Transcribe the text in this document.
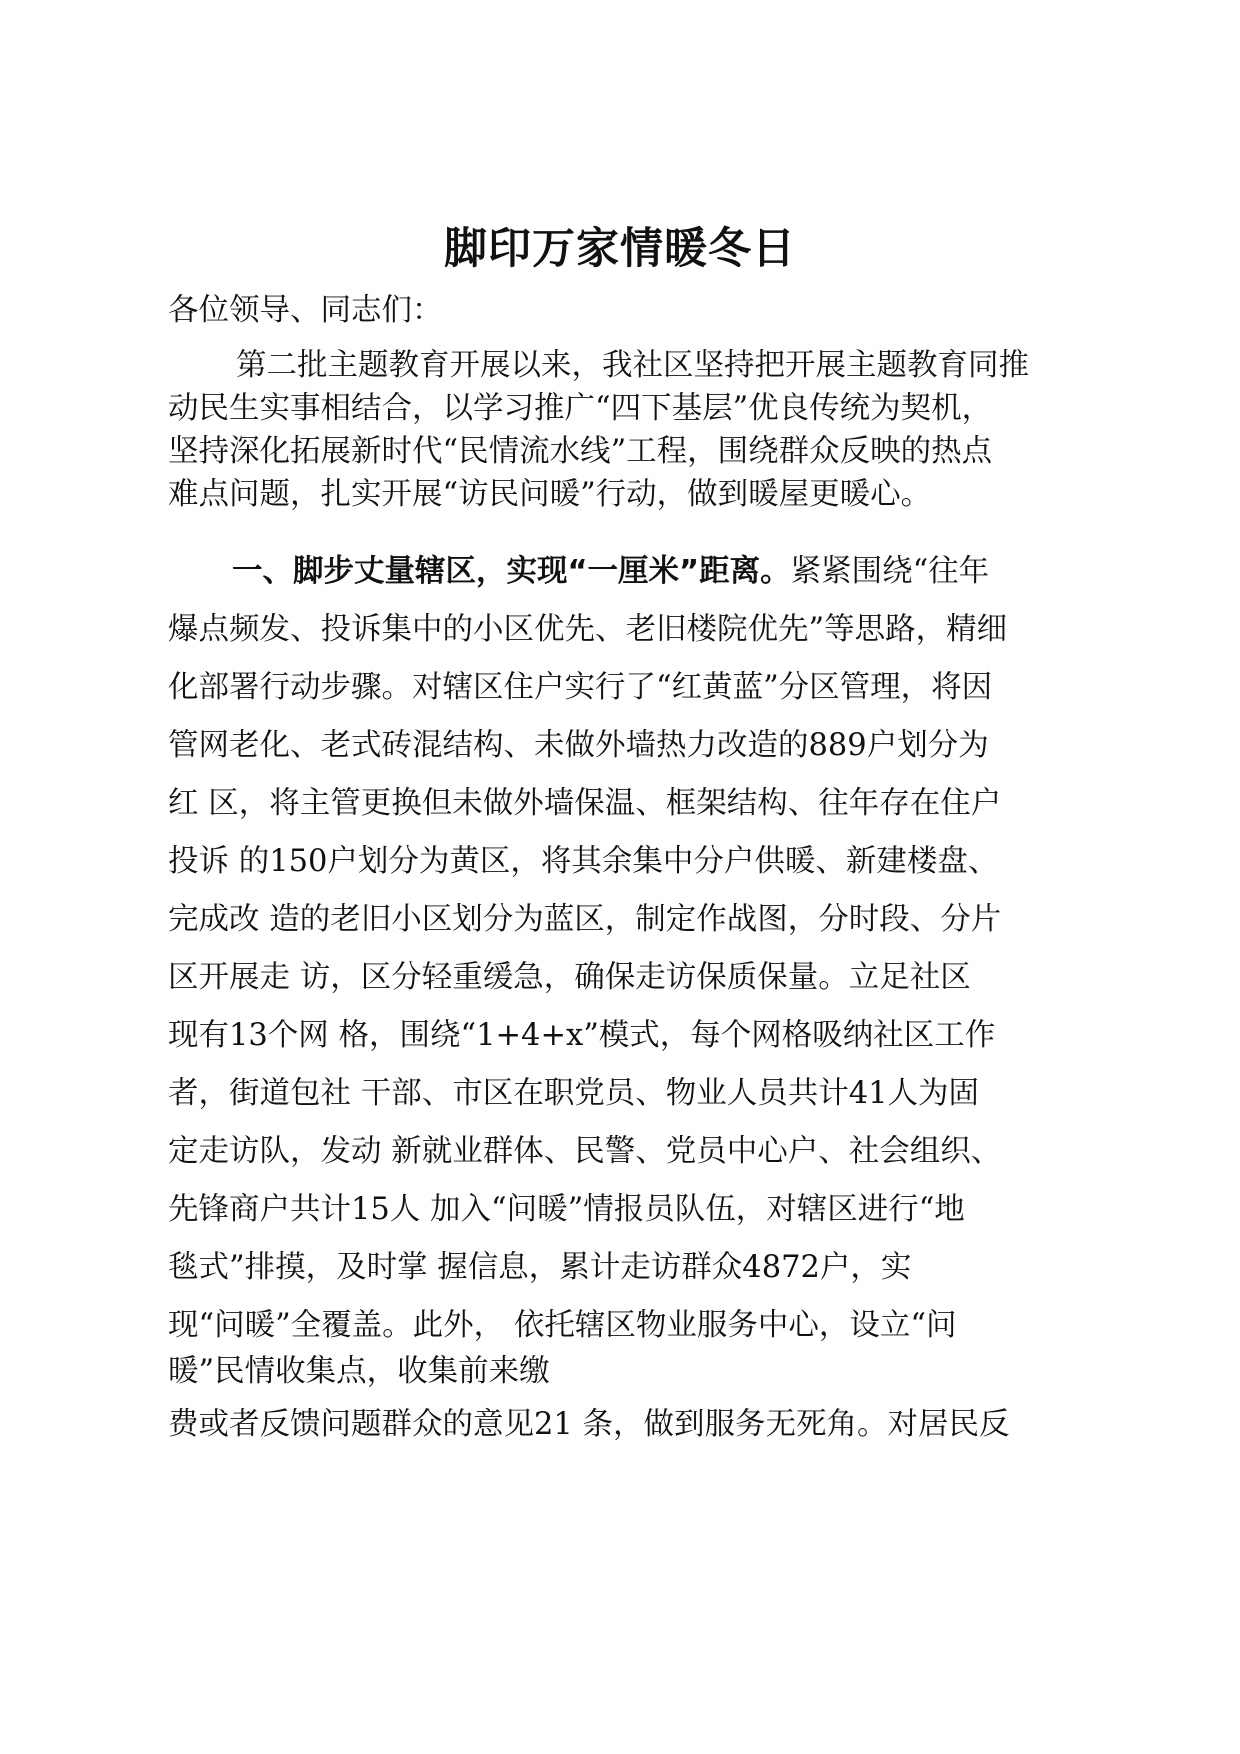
脚印万家情暖冬日

各位领导、同志们：

第二批主题教育开展以来，我社区坚持把开展主题教育同推

动民生实事相结合，以学习推广“四下基层”优良传统为契机，

坚持深化拓展新时代“民情流水线”工程，围绕群众反映的热点

难点问题，扎实开展“访民问暖”行动，做到暖屋更暖心。

一、脚步丈量辖区，实现“一厘米”距离。紧紧围绕“往年

爆点频发、投诉集中的小区优先、老旧楼院优先”等思路，精细

化部署行动步骤。对辖区住户实行了“红黄蓝”分区管理，将因

管网老化、老式砖混结构、未做外墙热力改造的889户划分为

红 区，将主管更换但未做外墙保温、框架结构、往年存在住户

投诉 的150户划分为黄区，将其余集中分户供暖、新建楼盘、

完成改 造的老旧小区划分为蓝区，制定作战图，分时段、分片

区开展走 访，区分轻重缓急，确保走访保质保量。立足社区

现有13个网 格，围绕“1+4+x”模式，每个网格吸纳社区工作

者，街道包社 干部、市区在职党员、物业人员共计41人为固

定走访队，发动 新就业群体、民警、党员中心户、社会组织、

先锋商户共计15人 加入“问暖”情报员队伍，对辖区进行“地

毯式”排摸，及时掌 握信息，累计走访群众4872户，实

现“问暖”全覆盖。此外， 依托辖区物业服务中心，设立“问

暖”民情收集点，收集前来缴

费或者反馈问题群众的意见21 条，做到服务无死角。对居民反
